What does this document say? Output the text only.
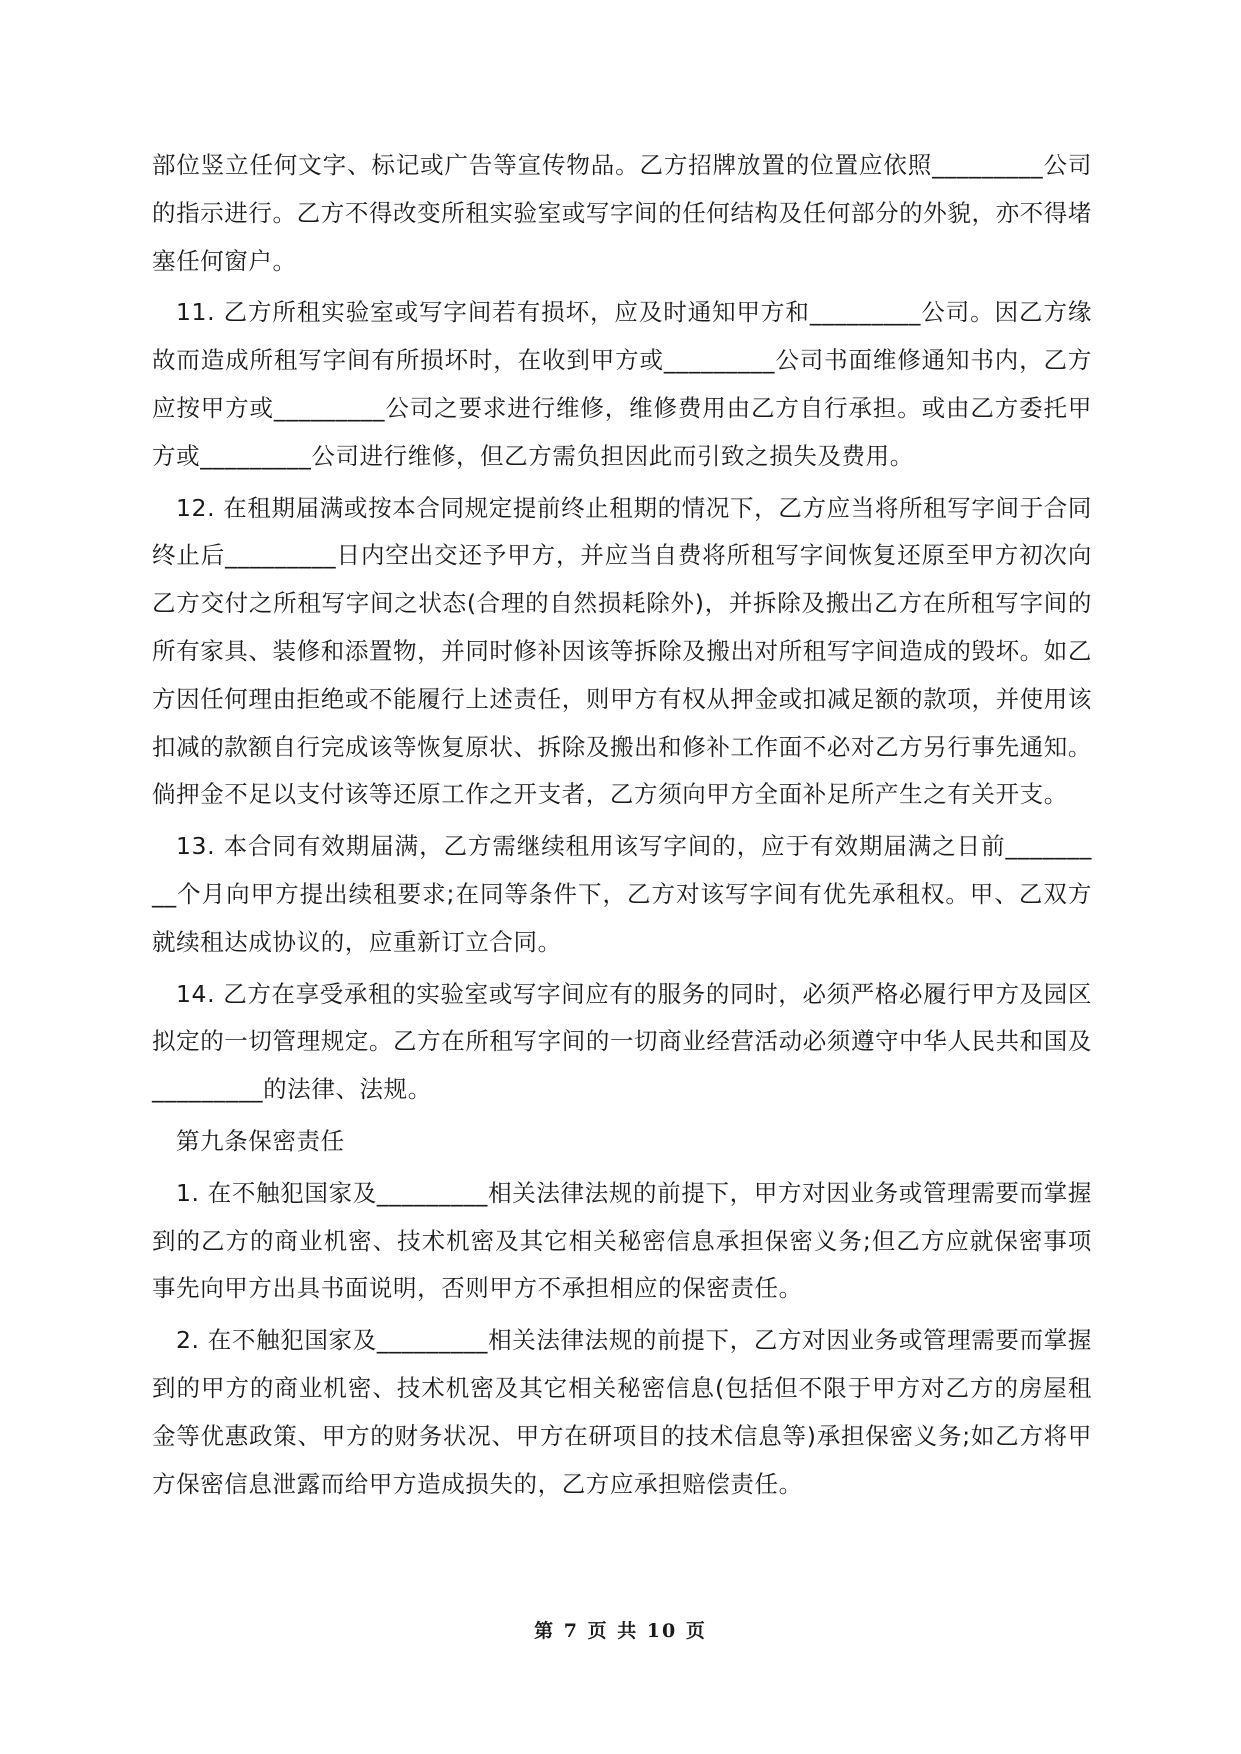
部位竖立任何文字、标记或广告等宣传物品。乙方招牌放置的位置应依照_________公司的指示进行。乙方不得改变所租实验室或写字间的任何结构及任何部分的外貌，亦不得堵塞任何窗户。

11. 乙方所租实验室或写字间若有损坏，应及时通知甲方和_________公司。因乙方缘故而造成所租写字间有所损坏时，在收到甲方或_________公司书面维修通知书内，乙方应按甲方或_________公司之要求进行维修，维修费用由乙方自行承担。或由乙方委托甲方或_________公司进行维修，但乙方需负担因此而引致之损失及费用。

12. 在租期届满或按本合同规定提前终止租期的情况下，乙方应当将所租写字间于合同终止后_________日内空出交还予甲方，并应当自费将所租写字间恢复还原至甲方初次向乙方交付之所租写字间之状态(合理的自然损耗除外)，并拆除及搬出乙方在所租写字间的所有家具、装修和添置物，并同时修补因该等拆除及搬出对所租写字间造成的毁坏。如乙方因任何理由拒绝或不能履行上述责任，则甲方有权从押金或扣减足额的款项，并使用该扣减的款额自行完成该等恢复原状、拆除及搬出和修补工作面不必对乙方另行事先通知。倘押金不足以支付该等还原工作之开支者，乙方须向甲方全面补足所产生之有关开支。

13. 本合同有效期届满，乙方需继续租用该写字间的，应于有效期届满之日前_________个月向甲方提出续租要求;在同等条件下，乙方对该写字间有优先承租权。甲、乙双方就续租达成协议的，应重新订立合同。

14. 乙方在享受承租的实验室或写字间应有的服务的同时，必须严格必履行甲方及园区拟定的一切管理规定。乙方在所租写字间的一切商业经营活动必须遵守中华人民共和国及_________的法律、法规。

第九条保密责任

1. 在不触犯国家及_________相关法律法规的前提下，甲方对因业务或管理需要而掌握到的乙方的商业机密、技术机密及其它相关秘密信息承担保密义务;但乙方应就保密事项事先向甲方出具书面说明，否则甲方不承担相应的保密责任。

2. 在不触犯国家及_________相关法律法规的前提下，乙方对因业务或管理需要而掌握到的甲方的商业机密、技术机密及其它相关秘密信息(包括但不限于甲方对乙方的房屋租金等优惠政策、甲方的财务状况、甲方在研项目的技术信息等)承担保密义务;如乙方将甲方保密信息泄露而给甲方造成损失的，乙方应承担赔偿责任。

第 7 页 共 10 页
